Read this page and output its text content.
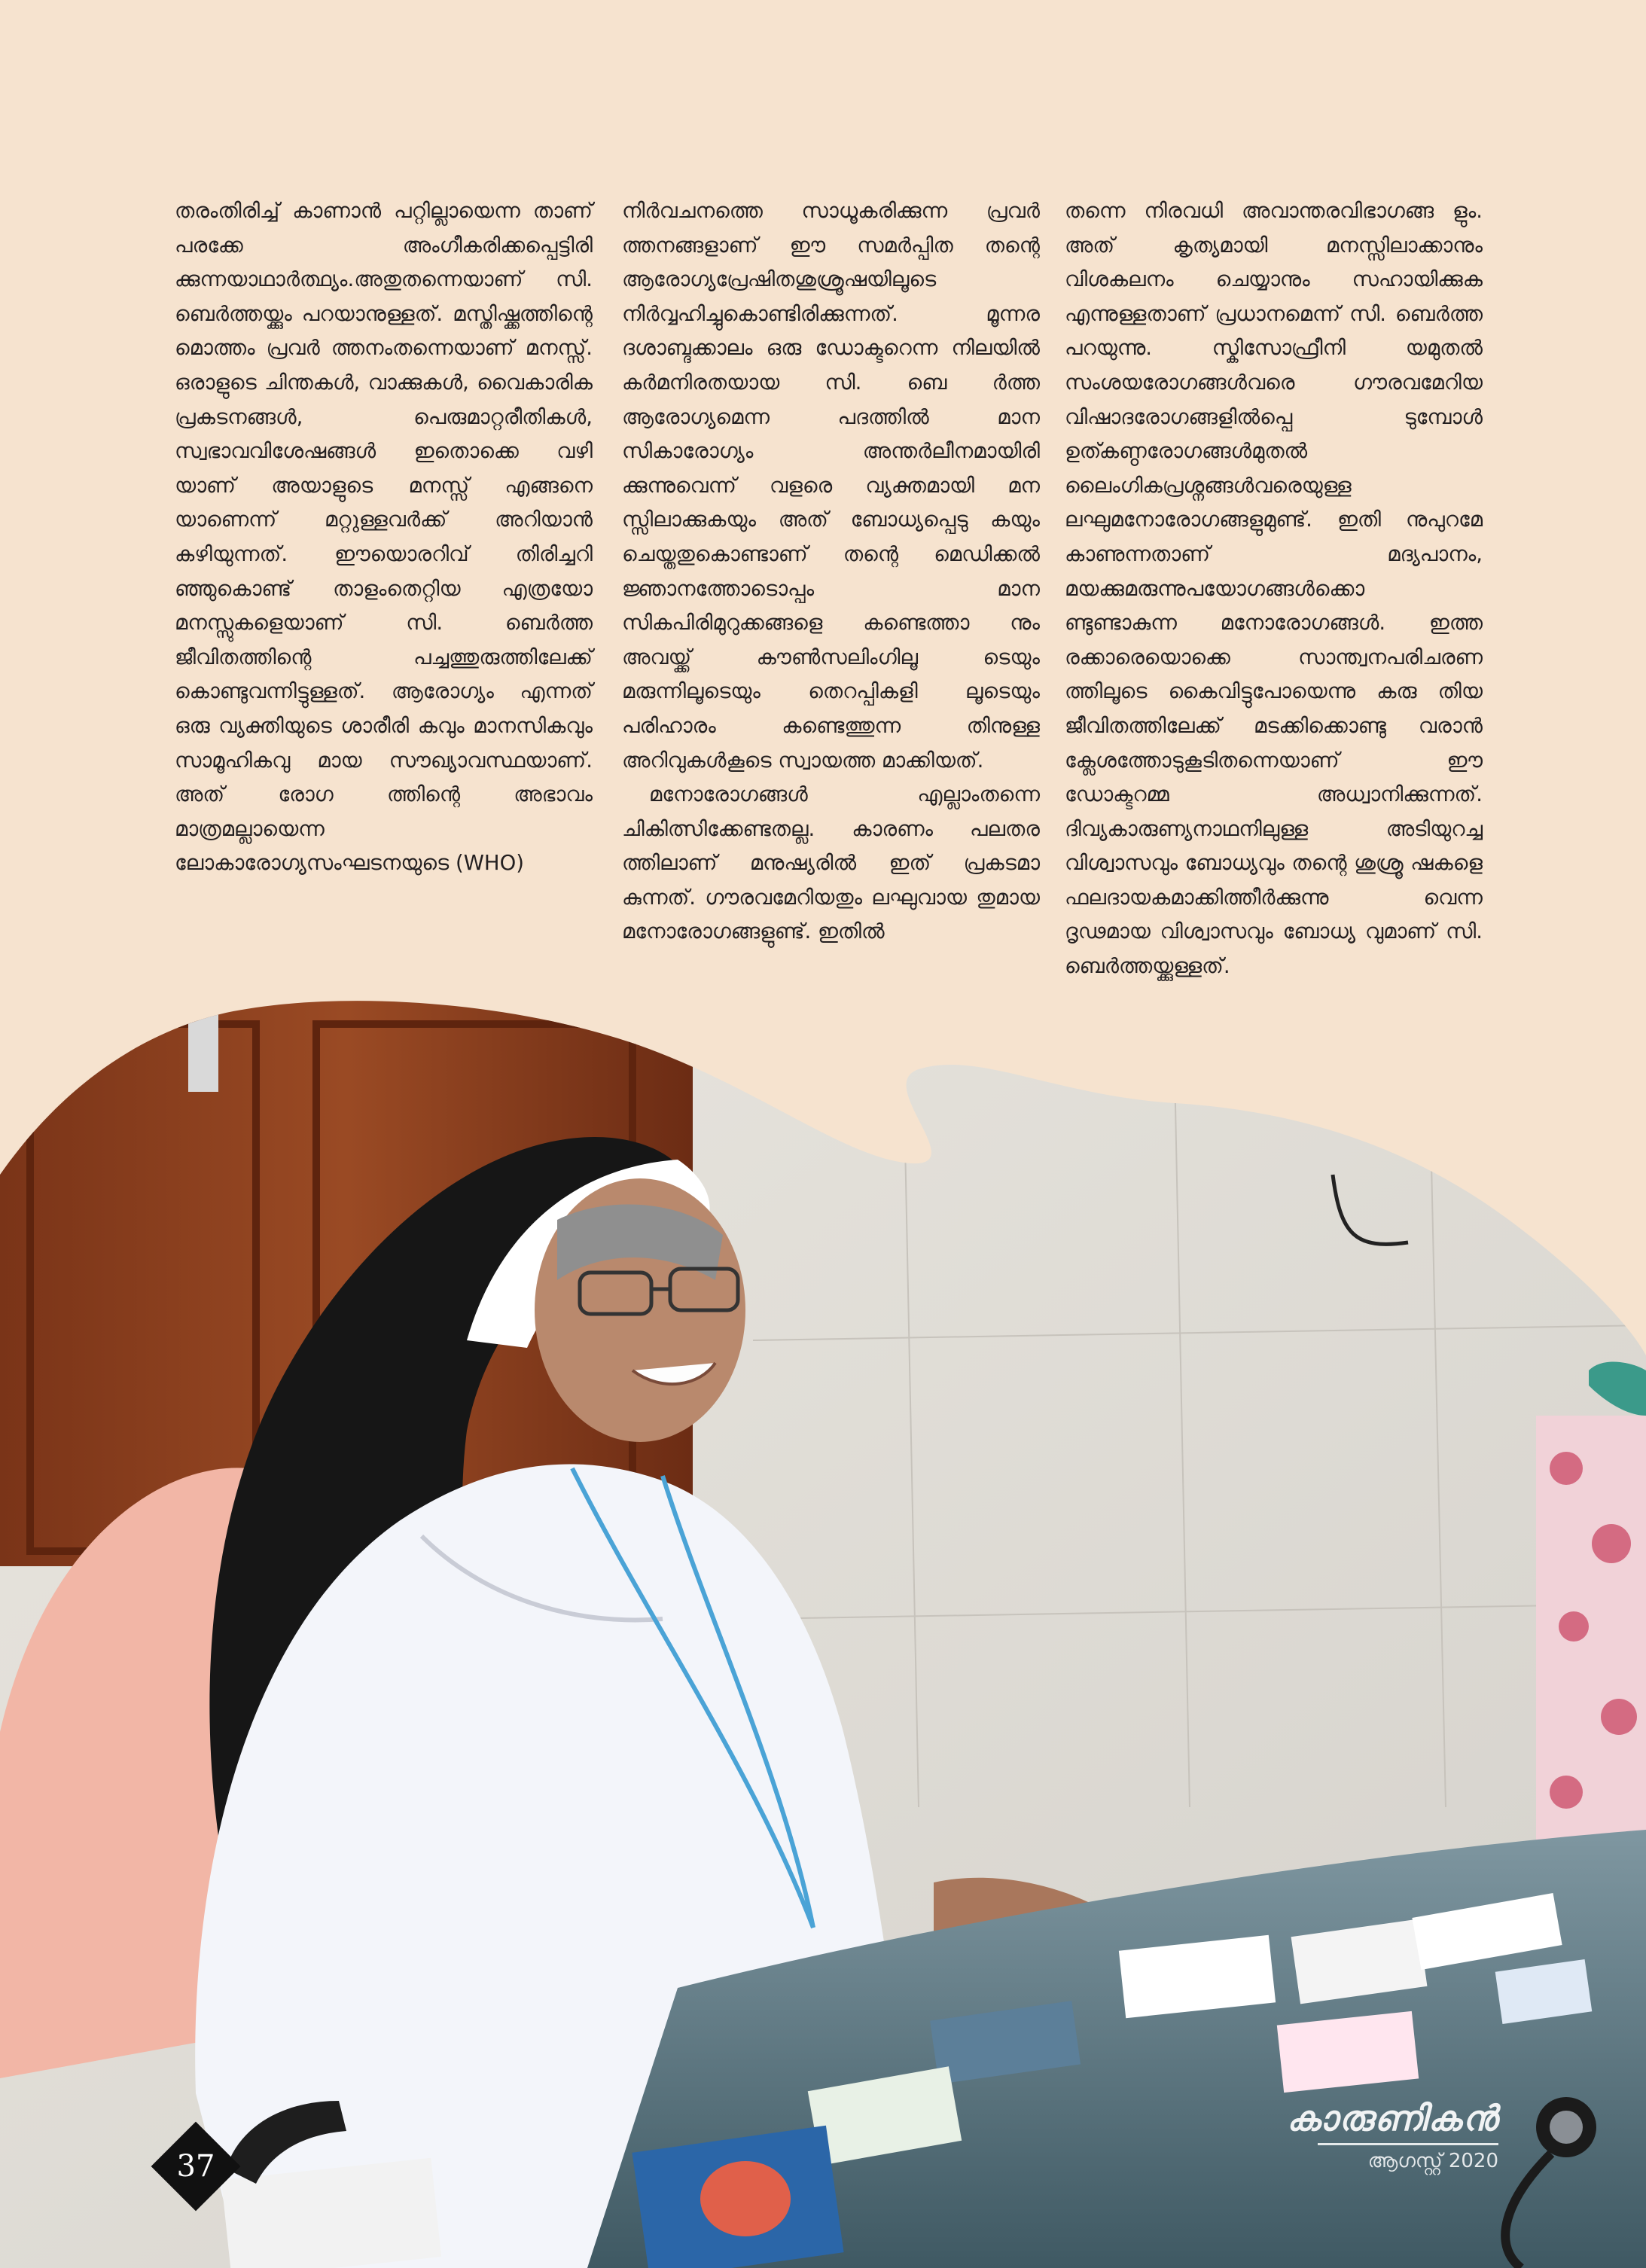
തരംതിരിച്ച് കാണാൻ പറ്റില്ലായെന്ന താണ് പരക്കേ അംഗീകരിക്കപ്പെട്ടിരി ക്കുന്നയാഥാർത്ഥ്യം.അതുതന്നെയാണ് സി. ബെർത്തയ്ക്കും പറയാനുള്ളത്. മസ്തിഷ്ക്കത്തിന്റെ മൊത്തം പ്രവർ ത്തനംതന്നെയാണ് മനസ്സ്. ഒരാളുടെ ചിന്തകൾ, വാക്കുകൾ, വൈകാരിക പ്രകടനങ്ങൾ, പെരുമാറ്റരീതികൾ, സ്വഭാവവിശേഷങ്ങൾ ഇതൊക്കെ വഴി യാണ് അയാളുടെ മനസ്സ് എങ്ങനെ യാണെന്ന് മറ്റുള്ളവർക്ക് അറിയാൻ കഴിയുന്നത്. ഈയൊരറിവ് തിരിച്ചറി ഞ്ഞുകൊണ്ട് താളംതെറ്റിയ എത്രയോ മനസ്സുകളെയാണ് സി. ബെർത്ത ജീവിതത്തിന്റെ പച്ചത്തുരുത്തിലേക്ക് കൊണ്ടുവന്നിട്ടുള്ളത്. ആരോഗ്യം എന്നത് ഒരു വ്യക്തിയുടെ ശാരീരി കവും മാനസികവും സാമൂഹികവു മായ സൗഖ്യാവസ്ഥയാണ്. അത് രോഗ ത്തിന്റെ അഭാവം മാത്രമല്ലായെന്ന ലോകാരോഗ്യസംഘടനയുടെ (WHO)

നിർവചനത്തെ സാധൂകരിക്കുന്ന പ്രവർ ത്തനങ്ങളാണ് ഈ സമർപ്പിത തന്റെ ആരോഗ്യപ്രേഷിതശുശ്രൂഷയിലൂടെ നിർവ്വഹിച്ചുകൊണ്ടിരിക്കുന്നത്. മൂന്നര ദശാബ്ദക്കാലം ഒരു ഡോക്ടറെന്ന നിലയിൽ കർമനിരതയായ സി. ബെ ർത്ത ആരോഗ്യമെന്ന പദത്തിൽ മാന സികാരോഗ്യം അന്തർലീനമായിരി ക്കുന്നുവെന്ന് വളരെ വ്യക്തമായി മന സ്സിലാക്കുകയും അത് ബോധ്യപ്പെടു കയും ചെയ്തതുകൊണ്ടാണ് തന്റെ മെഡിക്കൽ ജ്ഞാനത്തോടൊപ്പം മാന സികപിരിമുറുക്കങ്ങളെ കണ്ടെത്താ നും അവയ്ക്ക് കൗൺസലിംഗിലൂ ടെയും മരുന്നിലൂടെയും തെറപ്പികളി ലൂടെയും പരിഹാരം കണ്ടെത്തുന്ന തിനുള്ള അറിവുകൾകൂടെ സ്വായത്ത മാക്കിയത്.

മനോരോഗങ്ങൾ എല്ലാംതന്നെ ചികിത്സിക്കേണ്ടതല്ല. കാരണം പലതര ത്തിലാണ് മനുഷ്യരിൽ ഇത് പ്രകടമാ കുന്നത്. ഗൗരവമേറിയതും ലഘുവായ തുമായ മനോരോഗങ്ങളുണ്ട്. ഇതിൽ

തന്നെ നിരവധി അവാന്തരവിഭാഗങ്ങ ളും. അത് കൃത്യമായി മനസ്സിലാക്കാനും വിശകലനം ചെയ്യാനും സഹായിക്കുക എന്നുള്ളതാണ് പ്രധാനമെന്ന് സി. ബെർത്ത പറയുന്നു. സ്കിസോഫ്രീനി യമുതൽ സംശയരോഗങ്ങൾവരെ ഗൗരവമേറിയ വിഷാദരോഗങ്ങളിൽപ്പെ ടുമ്പോൾ ഉത്കണ്ഠരോഗങ്ങൾമുതൽ ലൈംഗികപ്രശ്നങ്ങൾവരെയുള്ള ലഘുമനോരോഗങ്ങളുമുണ്ട്. ഇതി നുപുറമേ കാണുന്നതാണ് മദ്യപാനം, മയക്കുമരുന്നുപയോഗങ്ങൾക്കൊ ണ്ടുണ്ടാകുന്ന മനോരോഗങ്ങൾ. ഇത്ത രക്കാരെയൊക്കെ സാന്ത്വനപരിചരണ ത്തിലൂടെ കൈവിട്ടുപോയെന്നു കരു തിയ ജീവിതത്തിലേക്ക് മടക്കിക്കൊണ്ടു വരാൻ ക്ലേശത്തോടുകൂടിതന്നെയാണ് ഈ ഡോക്ടറമ്മ അധ്വാനിക്കുന്നത്. ദിവ്യകാരുണ്യനാഥനിലുള്ള അടിയുറച്ച വിശ്വാസവും ബോധ്യവും തന്റെ ശുശ്രൂ ഷകളെ ഫലദായകമാക്കിത്തീർക്കുന്നു വെന്ന ദൃഢമായ വിശ്വാസവും ബോധ്യ വുമാണ് സി. ബെർത്തയ്ക്കുള്ളത്.

37
കാരുണികൻ
ആഗസ്റ്റ് 2020
